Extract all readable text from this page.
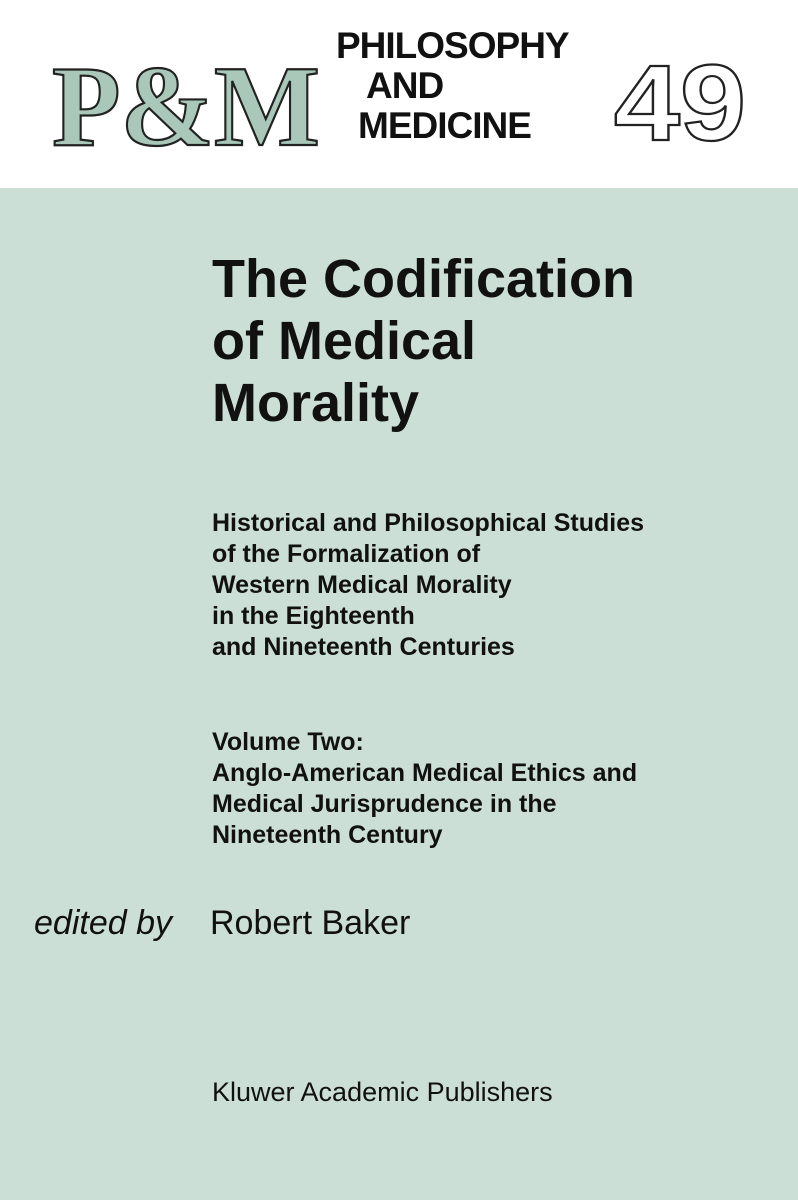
P&M	49
PHILOSOPHY
AND
MEDICINE
The Codification
of Medical
Morality
Historical and Philosophical Studies
of the Formalization of
Western Medical Morality
in the Eighteenth
and Nineteenth Centuries
Volume Two:
Anglo-American Medical Ethics and
Medical Jurisprudence in the
Nineteenth Century
edited by Robert Baker
Kluwer Academic Publishers
